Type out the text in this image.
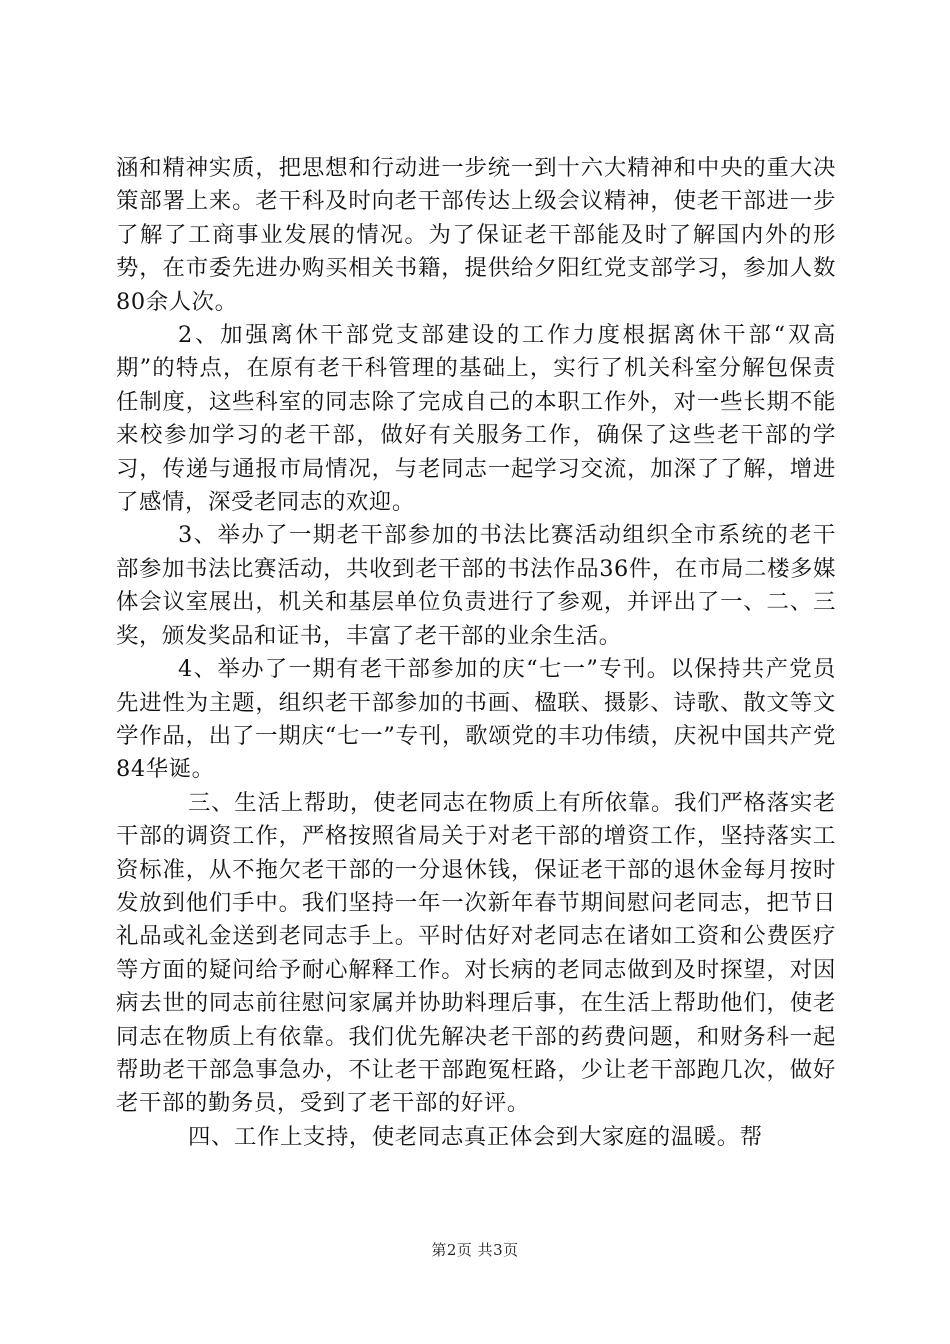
涵和精神实质，把思想和行动进一步统一到十六大精神和中央的重大决策部署上来。老干科及时向老干部传达上级会议精神，使老干部进一步了解了工商事业发展的情况。为了保证老干部能及时了解国内外的形势，在市委先进办购买相关书籍，提供给夕阳红党支部学习，参加人数80余人次。

2、加强离休干部党支部建设的工作力度根据离休干部“双高期”的特点，在原有老干科管理的基础上，实行了机关科室分解包保责任制度，这些科室的同志除了完成自己的本职工作外，对一些长期不能来校参加学习的老干部，做好有关服务工作，确保了这些老干部的学习，传递与通报市局情况，与老同志一起学习交流，加深了了解，增进了感情，深受老同志的欢迎。

3、举办了一期老干部参加的书法比赛活动组织全市系统的老干部参加书法比赛活动，共收到老干部的书法作品36件，在市局二楼多媒体会议室展出，机关和基层单位负责进行了参观，并评出了一、二、三奖，颁发奖品和证书，丰富了老干部的业余生活。

4、举办了一期有老干部参加的庆“七一”专刊。以保持共产党员先进性为主题，组织老干部参加的书画、楹联、摄影、诗歌、散文等文学作品，出了一期庆“七一”专刊，歌颂党的丰功伟绩，庆祝中国共产党84华诞。

三、生活上帮助，使老同志在物质上有所依靠。我们严格落实老干部的调资工作，严格按照省局关于对老干部的增资工作，坚持落实工资标准，从不拖欠老干部的一分退休钱，保证老干部的退休金每月按时发放到他们手中。我们坚持一年一次新年春节期间慰问老同志，把节日礼品或礼金送到老同志手上。平时估好对老同志在诸如工资和公费医疗等方面的疑问给予耐心解释工作。对长病的老同志做到及时探望，对因病去世的同志前往慰问家属并协助料理后事，在生活上帮助他们，使老同志在物质上有依靠。我们优先解决老干部的药费问题，和财务科一起帮助老干部急事急办，不让老干部跑冤枉路，少让老干部跑几次，做好老干部的勤务员，受到了老干部的好评。

四、工作上支持，使老同志真正体会到大家庭的温暖。帮

第2页 共3页
